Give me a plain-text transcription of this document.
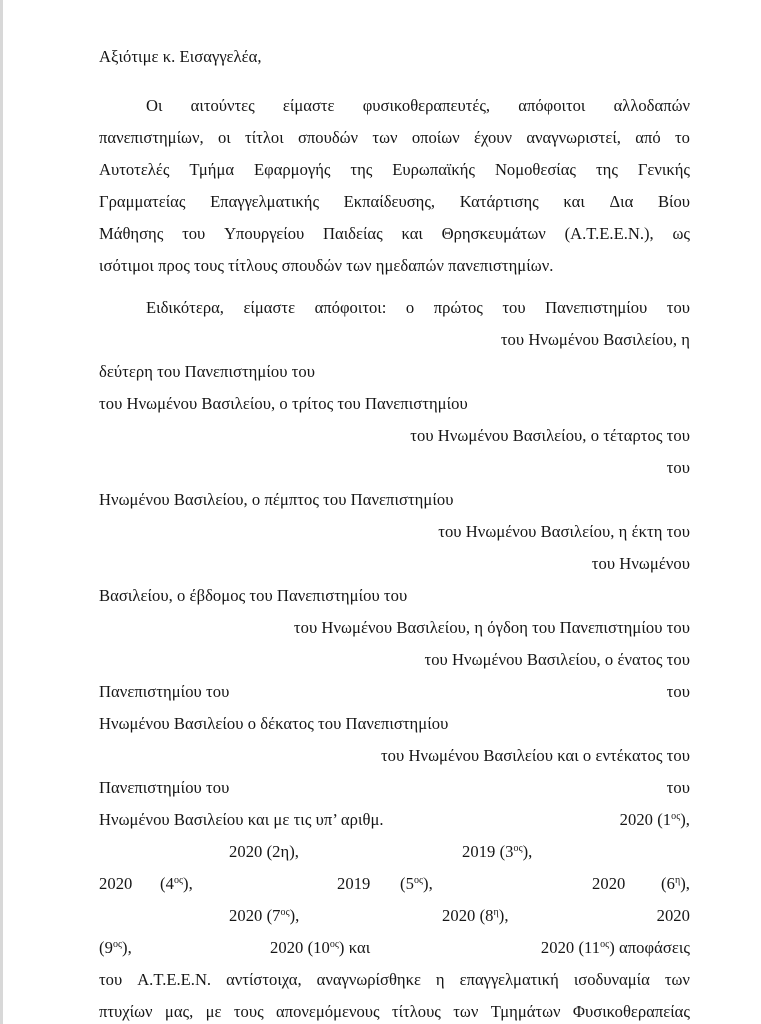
Αξιότιμε κ. Εισαγγελέα,
Οι αιτούντες είμαστε φυσικοθεραπευτές, απόφοιτοι αλλοδαπών
πανεπιστημίων, οι τίτλοι σπουδών των οποίων έχουν αναγνωριστεί, από το
Αυτοτελές Τμήμα Εφαρμογής της Ευρωπαϊκής Νομοθεσίας της Γενικής
Γραμματείας Επαγγελματικής Εκπαίδευσης, Κατάρτισης και Δια Βίου
Μάθησης του Υπουργείου Παιδείας και Θρησκευμάτων (Α.Τ.Ε.Ε.Ν.), ως
ισότιμοι προς τους τίτλους σπουδών των ημεδαπών πανεπιστημίων.
Ειδικότερα, είμαστε απόφοιτοι: ο πρώτος του Πανεπιστημίου του
του Ηνωμένου Βασιλείου, η
δεύτερη του Πανεπιστημίου του
του Ηνωμένου Βασιλείου, ο τρίτος του Πανεπιστημίου
του Ηνωμένου Βασιλείου, ο τέταρτος του
του
Ηνωμένου Βασιλείου, ο πέμπτος του Πανεπιστημίου
του Ηνωμένου Βασιλείου, η έκτη του
του Ηνωμένου
Βασιλείου, ο έβδομος του Πανεπιστημίου του
του Ηνωμένου Βασιλείου, η όγδοη του Πανεπιστημίου του
του Ηνωμένου Βασιλείου, ο ένατος του
Πανεπιστημίου του	του
Ηνωμένου Βασιλείου ο δέκατος του Πανεπιστημίου
του Ηνωμένου Βασιλείου και ο εντέκατος του
Πανεπιστημίου του	του
Ηνωμένου Βασιλείου και με τις υπ’ αριθμ.	2020 $(1^{o\varsigma})$,
2020 (2η),	2019 $(3^{o\varsigma})$,
2020 $(4^{o\varsigma})$,	2019 $(5^{o\varsigma})$,	2020 $(6^\eta)$,
2020 $(7^{o\varsigma})$,	2020 $(8^\eta)$,	2020
$(9^{o\varsigma})$,	2020 $(10^{o\varsigma})$ και	2020 $(11^{o\varsigma})$ αποφάσεις
του Α.Τ.Ε.Ε.Ν. αντίστοιχα, αναγνωρίσθηκε η επαγγελματική ισοδυναμία των
πτυχίων μας, με τους απονεμόμενους τίτλους των Τμημάτων Φυσικοθεραπείας
